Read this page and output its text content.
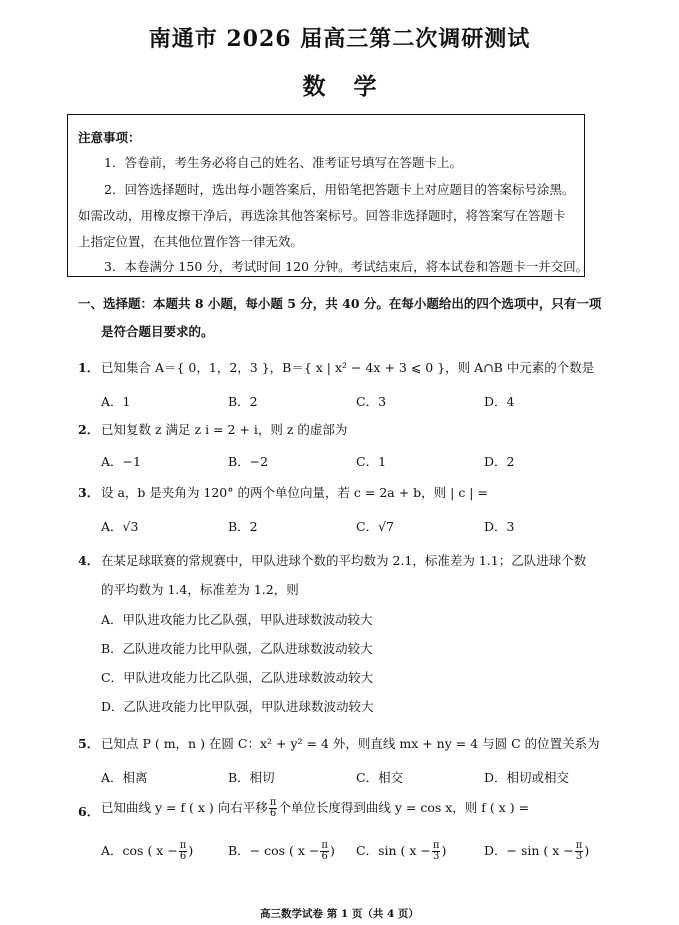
南通市 2026 届高三第二次调研测试
数学
注意事项：
1．答卷前，考生务必将自己的姓名、准考证号填写在答题卡上。
2．回答选择题时，选出每小题答案后，用铅笔把答题卡上对应题目的答案标号涂黑。
如需改动，用橡皮擦干净后，再选涂其他答案标号。回答非选择题时，将答案写在答题卡
上指定位置，在其他位置作答一律无效。
3．本卷满分 150 分，考试时间 120 分钟。考试结束后，将本试卷和答题卡一并交回。
一、选择题：本题共 8 小题，每小题 5 分，共 40 分。在每小题给出的四个选项中，只有一项
是符合题目要求的。
1． 已知集合 A＝{ 0，1，2，3 }，B＝{ x | x² − 4x + 3 ⩽ 0 }，则 A∩B 中元素的个数是
A．1	B．2	C．3	D．4
2． 已知复数 z 满足 z i = 2 + i，则 z 的虚部为
A．−1	B．−2	C．1	D．2
3． 设 a，b 是夹角为 120° 的两个单位向量，若 c = 2a + b，则 | c | =
A．√3	B．2	C．√7	D．3
4． 在某足球联赛的常规赛中，甲队进球个数的平均数为 2.1，标准差为 1.1；乙队进球个数
的平均数为 1.4，标准差为 1.2，则
A．甲队进攻能力比乙队强，甲队进球数波动较大
B．乙队进攻能力比甲队强，乙队进球数波动较大
C．甲队进攻能力比乙队强，乙队进球数波动较大
D．乙队进攻能力比甲队强，甲队进球数波动较大
5． 已知点 P ( m，n ) 在圆 C：x² + y² = 4 外，则直线 mx + ny = 4 与圆 C 的位置关系为
A．相离	B．相切	C．相交	D．相切或相交
6． 已知曲线 y = f ( x ) 向右平移 $\frac{\pi}{6}$ 个单位长度得到曲线 y = cos x，则 f ( x ) =
A．cos ( $x - \frac{\pi}{6}$ )	B．− cos ( $x - \frac{\pi}{6}$ ) C．sin ( $x - \frac{\pi}{3}$ )	D．− sin ( $x - \frac{\pi}{3}$ )
高三数学试卷 第 1 页（共 4 页）
